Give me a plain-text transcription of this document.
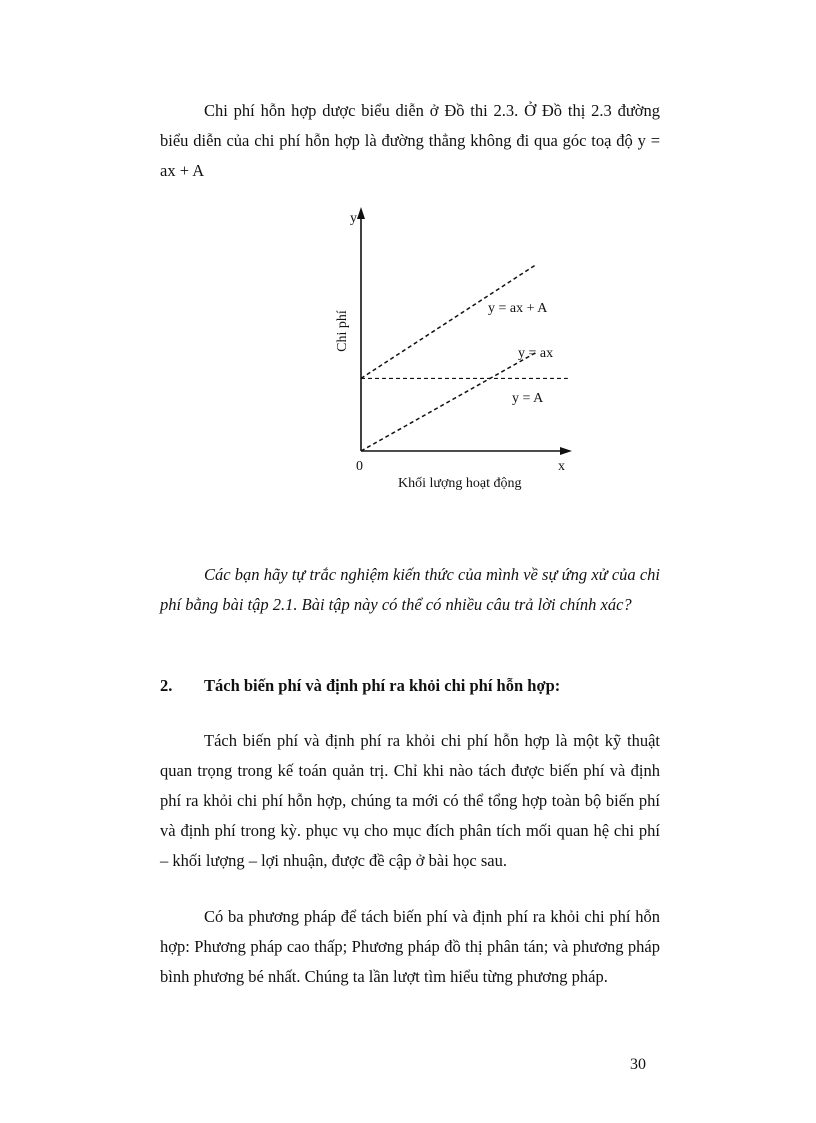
Chi phí hỗn hợp dược biểu diễn ở Đồ thi 2.3. Ở Đồ thị 2.3 đường biểu diễn của chi phí hỗn hợp là đường thẳng không đi qua góc toạ độ y = ax + A

Chi phí
y
0	x
Khối lượng hoạt động
y = ax + A
y = ax
y = A

Các bạn hãy tự trắc nghiệm kiến thức của mình về sự ứng xử của chi phí bằng bài tập 2.1. Bài tập này có thể có nhiều câu trả lời chính xác?

2. Tách biến phí và định phí ra khỏi chi phí hỗn hợp:

Tách biến phí và định phí ra khỏi chi phí hỗn hợp là một kỹ thuật quan trọng trong kế toán quản trị. Chỉ khi nào tách được biến phí và định phí ra khỏi chi phí hỗn hợp, chúng ta mới có thể tổng hợp toàn bộ biến phí và định phí trong kỳ. phục vụ cho mục đích phân tích mối quan hệ chi phí – khối lượng – lợi nhuận, được đề cập ở bài học sau.

Có ba phương pháp để tách biến phí và định phí ra khỏi chi phí hỗn hợp: Phương pháp cao thấp; Phương pháp đồ thị phân tán; và phương pháp bình phương bé nhất. Chúng ta lần lượt tìm hiểu từng phương pháp.

30
